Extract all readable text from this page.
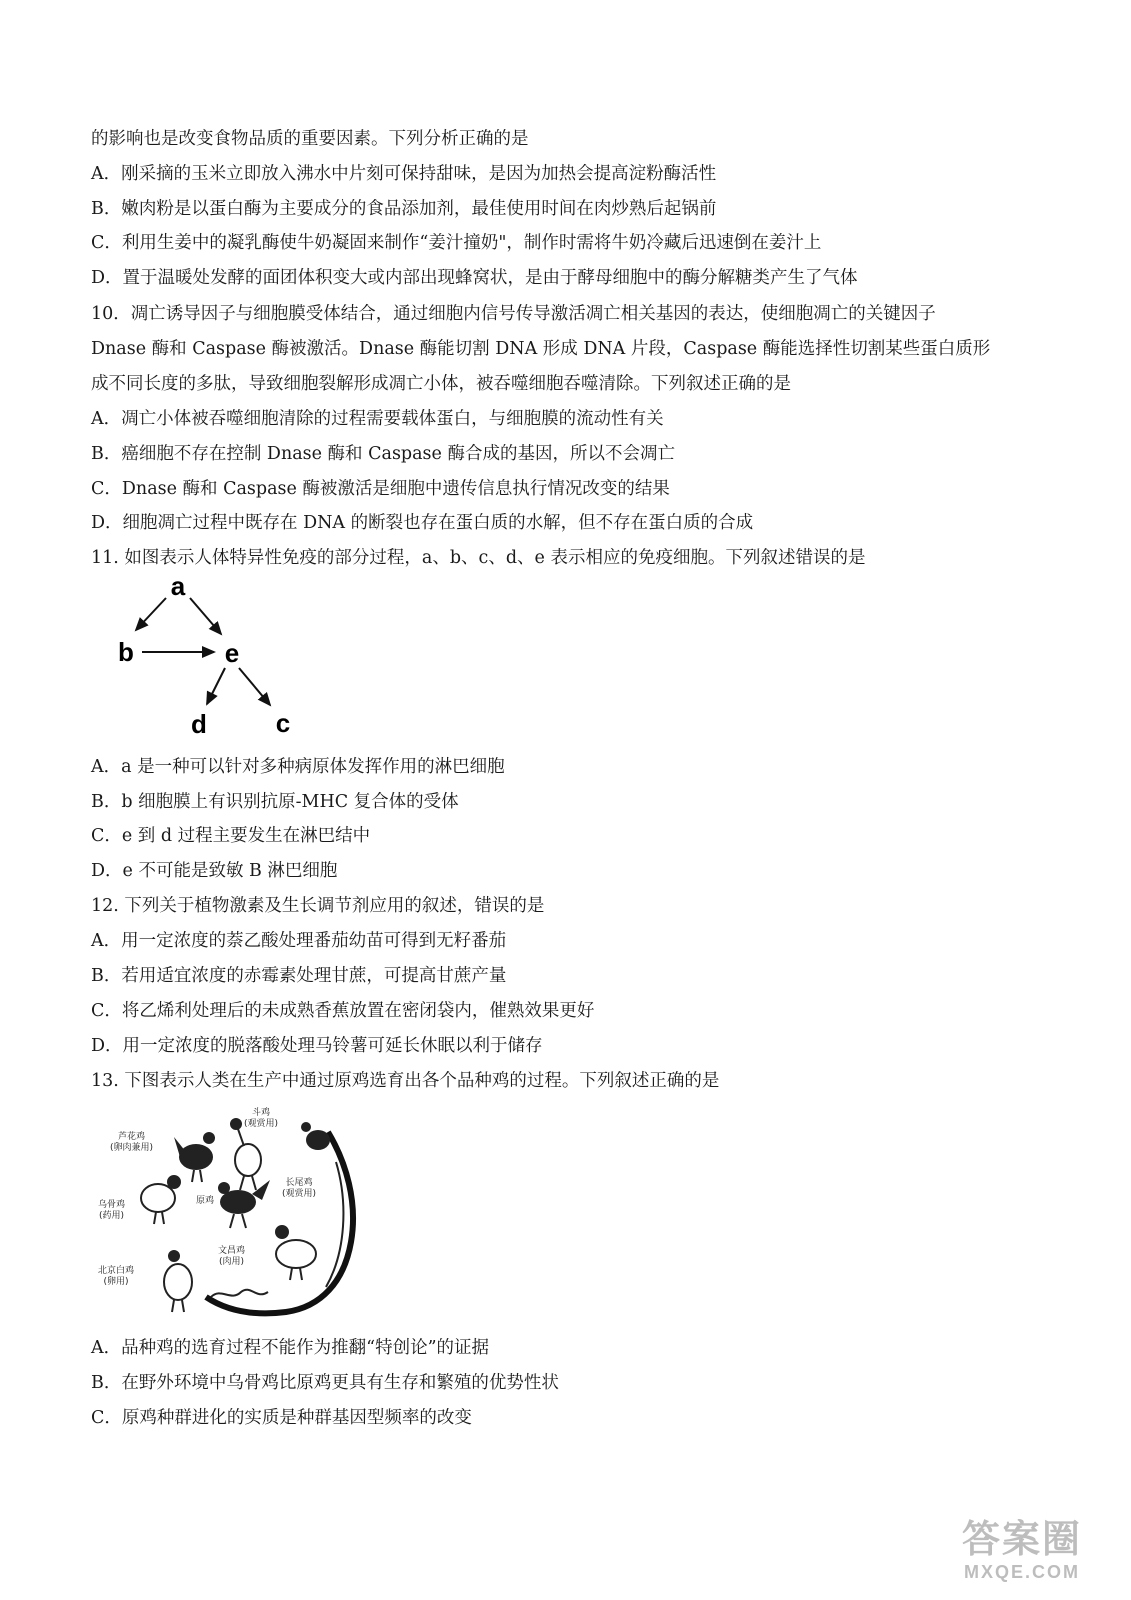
的影响也是改变食物品质的重要因素。下列分析正确的是
A．刚采摘的玉米立即放入沸水中片刻可保持甜味，是因为加热会提高淀粉酶活性
B．嫩肉粉是以蛋白酶为主要成分的食品添加剂，最佳使用时间在肉炒熟后起锅前
C．利用生姜中的凝乳酶使牛奶凝固来制作“姜汁撞奶"，制作时需将牛奶冷藏后迅速倒在姜汁上
D．置于温暖处发酵的面团体积变大或内部出现蜂窝状，是由于酵母细胞中的酶分解糖类产生了气体
10．凋亡诱导因子与细胞膜受体结合，通过细胞内信号传导激活凋亡相关基因的表达，使细胞凋亡的关键因子
Dnase 酶和 Caspase 酶被激活。Dnase 酶能切割 DNA 形成 DNA 片段，Caspase 酶能选择性切割某些蛋白质形
成不同长度的多肽，导致细胞裂解形成凋亡小体，被吞噬细胞吞噬清除。下列叙述正确的是
A．凋亡小体被吞噬细胞清除的过程需要载体蛋白，与细胞膜的流动性有关
B．癌细胞不存在控制 Dnase 酶和 Caspase 酶合成的基因，所以不会凋亡
C．Dnase 酶和 Caspase 酶被激活是细胞中遗传信息执行情况改变的结果
D．细胞凋亡过程中既存在 DNA 的断裂也存在蛋白质的水解，但不存在蛋白质的合成
11. 如图表示人体特异性免疫的部分过程，a、b、c、d、e 表示相应的免疫细胞。下列叙述错误的是
a
b	e
d	c
A．a 是一种可以针对多种病原体发挥作用的淋巴细胞
B．b 细胞膜上有识别抗原-MHC 复合体的受体
C．e 到 d 过程主要发生在淋巴结中
D．e 不可能是致敏 B 淋巴细胞
12. 下列关于植物激素及生长调节剂应用的叙述，错误的是
A．用一定浓度的萘乙酸处理番茄幼苗可得到无籽番茄
B．若用适宜浓度的赤霉素处理甘蔗，可提高甘蔗产量
C．将乙烯利处理后的未成熟香蕉放置在密闭袋内，催熟效果更好
D．用一定浓度的脱落酸处理马铃薯可延长休眠以利于储存
13. 下图表示人类在生产中通过原鸡选育出各个品种鸡的过程。下列叙述正确的是
芦花鸡
(卵肉兼用)
斗鸡
(观赏用)
长尾鸡
(观赏用)
乌骨鸡
(药用)
原鸡
文昌鸡
(肉用)
北京白鸡
(卵用)
A．品种鸡的选育过程不能作为推翻“特创论”的证据
B．在野外环境中乌骨鸡比原鸡更具有生存和繁殖的优势性状
C．原鸡种群进化的实质是种群基因型频率的改变
答案圈
MXQE.COM
